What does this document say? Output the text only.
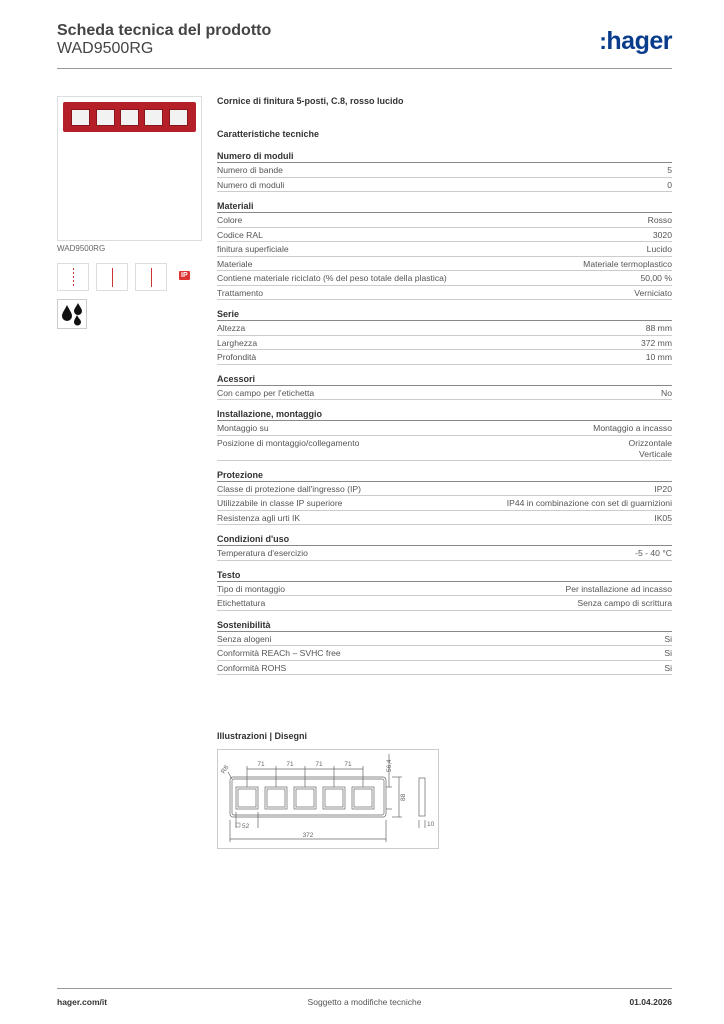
Scheda tecnica del prodotto
WAD9500RG	:hager
WAD9500RG
IP
Cornice di finitura 5-posti, C.8, rosso lucido
Caratteristiche tecniche
Numero di moduli
Numero di bande	5
Numero di moduli	0
Materiali
Colore	Rosso
Codice RAL	3020
finitura superficiale	Lucido
Materiale	Materiale termoplastico
Contiene materiale riciclato (% del peso totale della plastica)	50,00 %
Trattamento	Verniciato
Serie
Altezza	88 mm
Larghezza	372 mm
Profondità	10 mm
Acessori
Con campo per l'etichetta	No
Installazione, montaggio
Montaggio su	Montaggio a incasso
Posizione di montaggio/collegamento	Orizzontale
Verticale
Protezione
Classe di protezione dall'ingresso (IP)	IP20
Utilizzabile in classe IP superiore	IP44 in combinazione con set di guarnizioni
Resistenza agli urti IK	IK05
Condizioni d'uso
Temperatura d'esercizio	-5 - 40 °C
Testo
Tipo di montaggio	Per installazione ad incasso
Etichettatura	Senza campo di scrittura
Sostenibilità
Senza alogeni	Si
Conformità REACh – SVHC free	Si
Conformità ROHS	Si
Illustrazioni | Disegni
71	71	71	71
R8	56,4
88
52
372
10
hager.com/it	Soggetto a modifiche tecniche	01.04.2026
